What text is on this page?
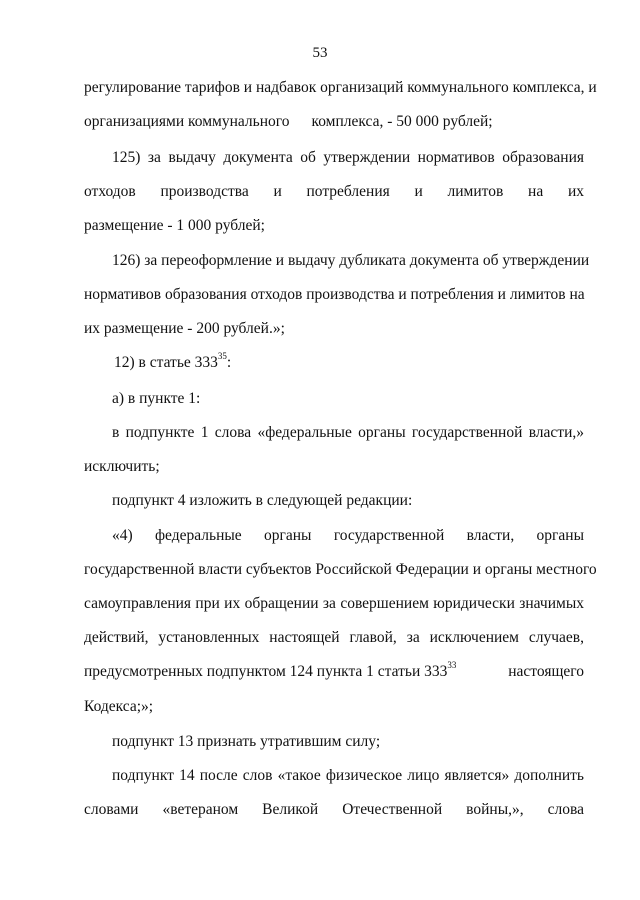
53
регулирование тарифов и надбавок организаций коммунального комплекса, и
организациями коммунального комплекса, - 50 000 рублей;
125) за выдачу документа об утверждении нормативов образования
отходов производства и потребления и лимитов на их
размещение - 1 000 рублей;
126) за переоформление и выдачу дубликата документа об утверждении
нормативов образования отходов производства и потребления и лимитов на
их размещение - 200 рублей.»;
12) в статье $333^{35}$:
а) в пункте 1:
в подпункте 1 слова «федеральные органы государственной власти,»
исключить;
подпункт 4 изложить в следующей редакции:
«4) федеральные органы государственной власти, органы
государственной власти субъектов Российской Федерации и органы местного
самоуправления при их обращении за совершением юридически значимых
действий, установленных настоящей главой, за исключением случаев,
предусмотренных подпунктом 124 пункта 1 статьи $333^{33}$	настоящего
Кодекса;»;
подпункт 13 признать утратившим силу;
подпункт 14 после слов «такое физическое лицо является» дополнить
словами «ветераном Великой Отечественной войны,», слова
